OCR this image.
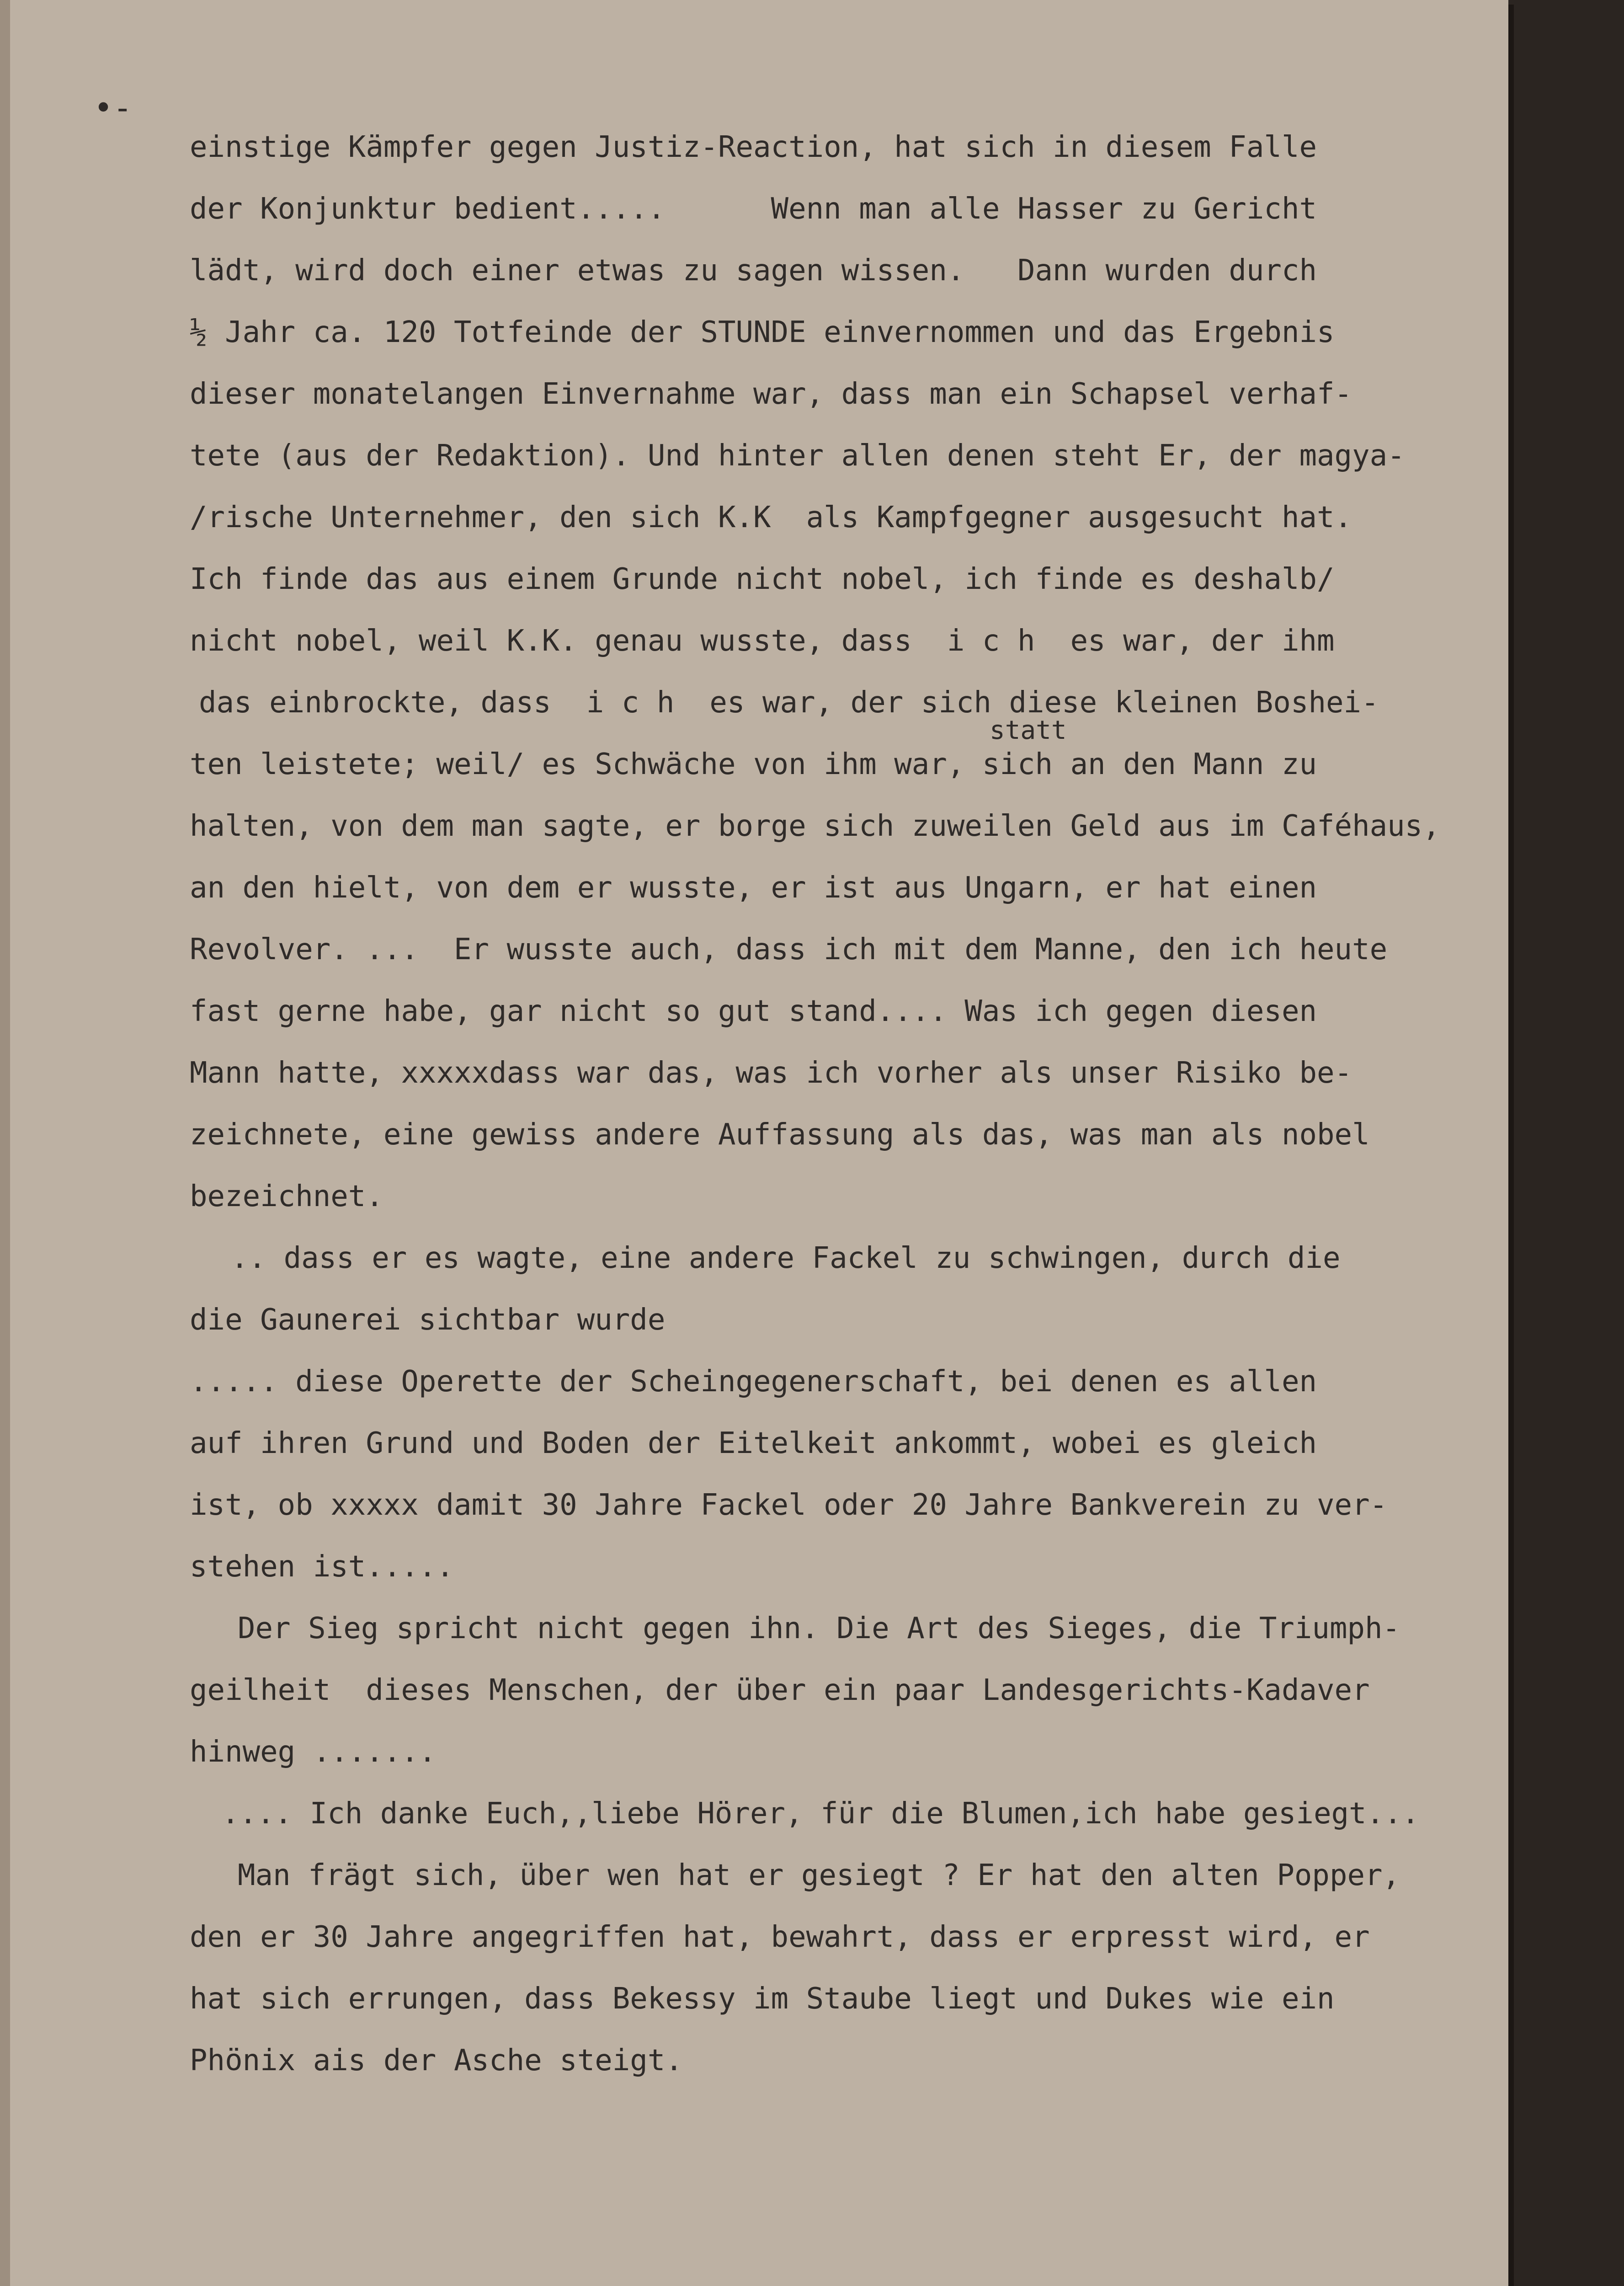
•-
einstige Kämpfer gegen Justiz-Reaction, hat sich in diesem Falle
der Konjunktur bedient.....      Wenn man alle Hasser zu Gericht
lädt, wird doch einer etwas zu sagen wissen.   Dann wurden durch
½ Jahr ca. 120 Totfeinde der STUNDE einvernommen und das Ergebnis
dieser monatelangen Einvernahme war, dass man ein Schapsel verhaf-
tete (aus der Redaktion). Und hinter allen denen steht Er, der magya-
/rische Unternehmer, den sich K.K  als Kampfgegner ausgesucht hat.
Ich finde das aus einem Grunde nicht nobel, ich finde es deshalb/
nicht nobel, weil K.K. genau wusste, dass  i c h  es war, der ihm
das einbrockte, dass  i c h  es war, der sich diese kleinen Boshei-
statt
ten leistete; weil/ es Schwäche von ihm war, sich an den Mann zu
halten, von dem man sagte, er borge sich zuweilen Geld aus im Caféhaus,
an den hielt, von dem er wusste, er ist aus Ungarn, er hat einen
Revolver. ...  Er wusste auch, dass ich mit dem Manne, den ich heute
fast gerne habe, gar nicht so gut stand.... Was ich gegen diesen
Mann hatte, xxxxxdass war das, was ich vorher als unser Risiko be-
zeichnete, eine gewiss andere Auffassung als das, was man als nobel
bezeichnet.
.. dass er es wagte, eine andere Fackel zu schwingen, durch die
die Gaunerei sichtbar wurde
..... diese Operette der Scheingegenerschaft, bei denen es allen
auf ihren Grund und Boden der Eitelkeit ankommt, wobei es gleich
ist, ob xxxxx damit 30 Jahre Fackel oder 20 Jahre Bankverein zu ver-
stehen ist.....
Der Sieg spricht nicht gegen ihn. Die Art des Sieges, die Triumph-
geilheit  dieses Menschen, der über ein paar Landesgerichts-Kadaver
hinweg .......
.... Ich danke Euch,,liebe Hörer, für die Blumen,ich habe gesiegt...
Man frägt sich, über wen hat er gesiegt ? Er hat den alten Popper,
den er 30 Jahre angegriffen hat, bewahrt, dass er erpresst wird, er
hat sich errungen, dass Bekessy im Staube liegt und Dukes wie ein
Phönix ais der Asche steigt.
